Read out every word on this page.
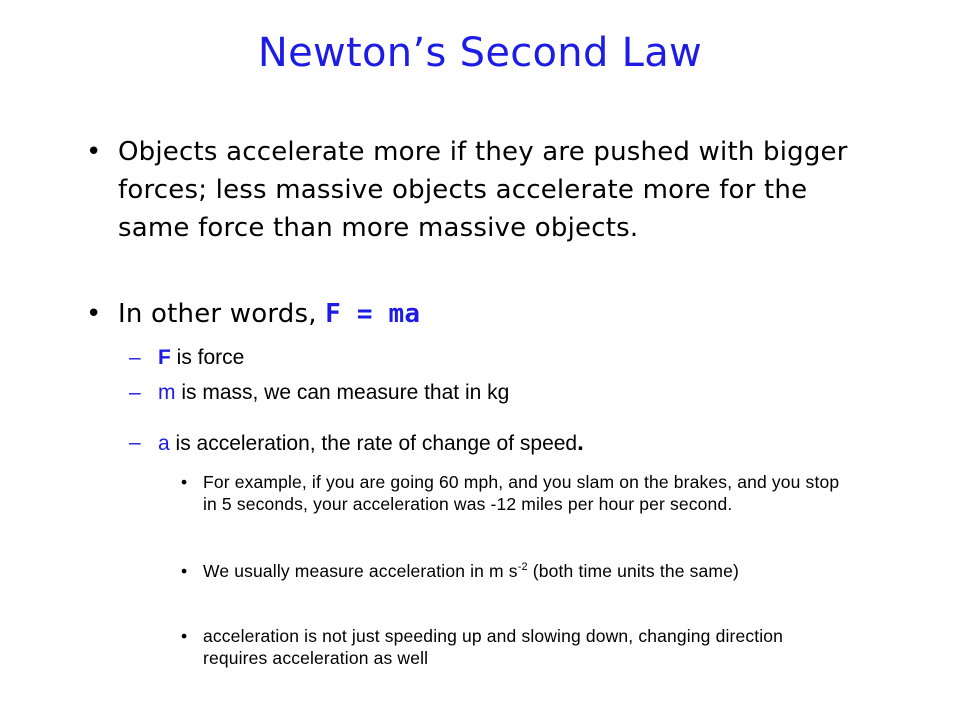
Newton’s Second Law
• Objects accelerate more if they are pushed with bigger forces; less massive objects accelerate more for the same force than more massive objects.
• In other words, F = ma
– F is force
– m is mass, we can measure that in kg
– a is acceleration, the rate of change of speed.
• For example, if you are going 60 mph, and you slam on the brakes, and you stop in 5 seconds, your acceleration was -12 miles per hour per second.
• We usually measure acceleration in m $s^{-2}$ (both time units the same)
• acceleration is not just speeding up and slowing down, changing direction requires acceleration as well
